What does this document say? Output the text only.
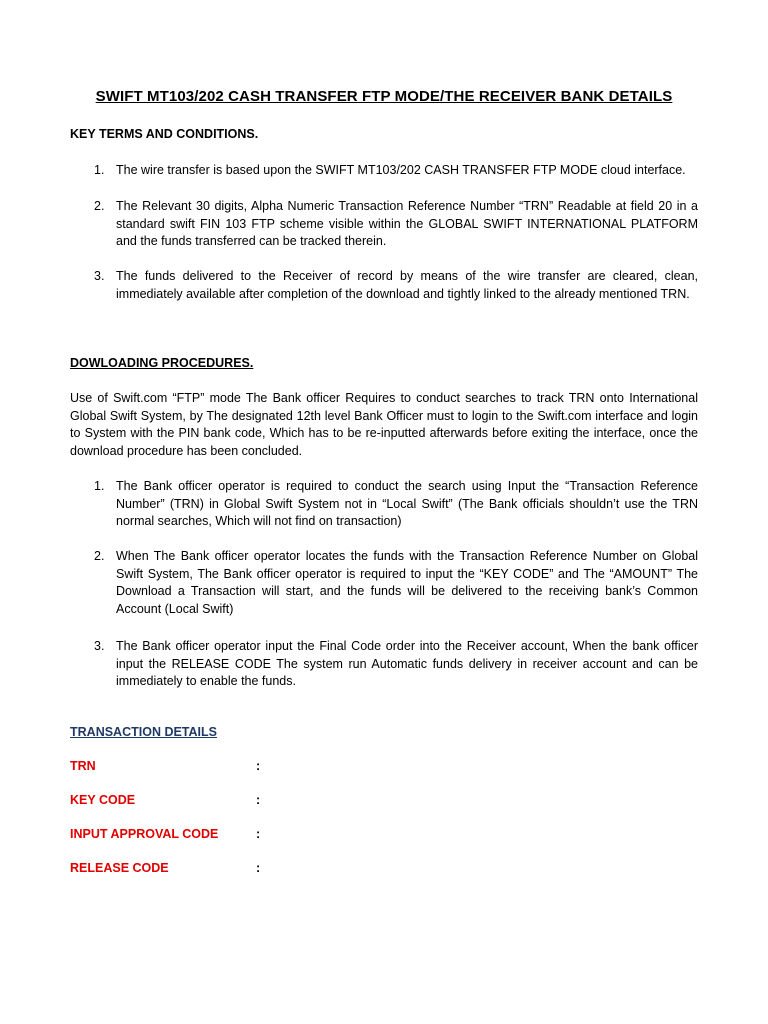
SWIFT MT103/202 CASH TRANSFER FTP MODE/THE RECEIVER BANK DETAILS
KEY TERMS AND CONDITIONS.
1. The wire transfer is based upon the SWIFT MT103/202 CASH TRANSFER FTP MODE cloud interface.
2. The Relevant 30 digits, Alpha Numeric Transaction Reference Number “TRN” Readable at field 20 in a standard swift FIN 103 FTP scheme visible within the GLOBAL SWIFT INTERNATIONAL PLATFORM and the funds transferred can be tracked therein.
3. The funds delivered to the Receiver of record by means of the wire transfer are cleared, clean, immediately available after completion of the download and tightly linked to the already mentioned TRN.
DOWLOADING PROCEDURES.
Use of Swift.com “FTP” mode The Bank officer Requires to conduct searches to track TRN onto International Global Swift System, by The designated 12th level Bank Officer must to login to the Swift.com interface and login to System with the PIN bank code, Which has to be re-inputted afterwards before exiting the interface, once the download procedure has been concluded.
1. The Bank officer operator is required to conduct the search using Input the “Transaction Reference Number” (TRN) in Global Swift System not in “Local Swift” (The Bank officials shouldn’t use the TRN normal searches, Which will not find on transaction)
2. When The Bank officer operator locates the funds with the Transaction Reference Number on Global Swift System, The Bank officer operator is required to input the “KEY CODE” and The “AMOUNT” The Download a Transaction will start, and the funds will be delivered to the receiving bank’s Common Account (Local Swift)
3. The Bank officer operator input the Final Code order into the Receiver account, When the bank officer input the RELEASE CODE The system run Automatic funds delivery in receiver account and can be immediately to enable the funds.
TRANSACTION DETAILS
TRN	:
KEY CODE	:
INPUT APPROVAL CODE	:
RELEASE CODE	:
